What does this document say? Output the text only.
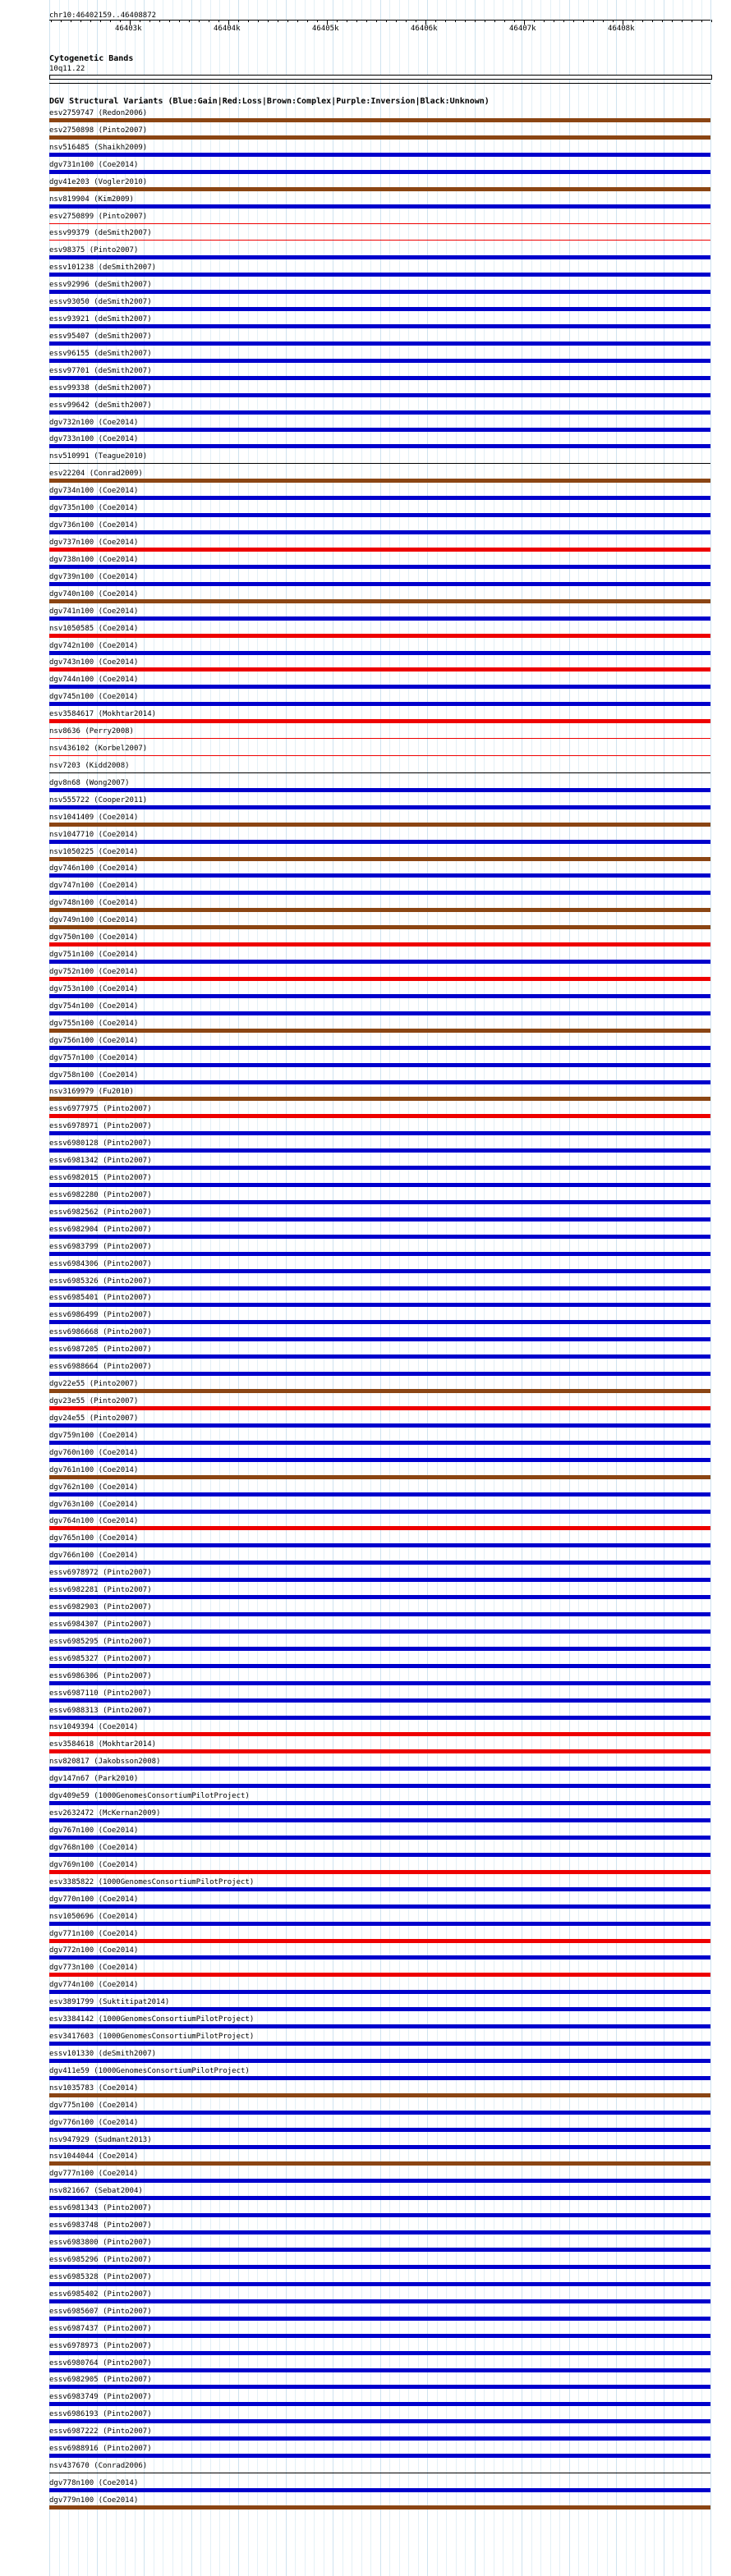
chr10:46402159..46408872
46403k	46404k	46405k	46406k	46407k	46408k
Cytogenetic Bands
10q11.22
DGV Structural Variants (Blue:Gain|Red:Loss|Brown:Complex|Purple:Inversion|Black:Unknown)
esv2759747 (Redon2006)
esv2750898 (Pinto2007)
nsv516485 (Shaikh2009)
dgv731n100 (Coe2014)
dgv41e203 (Vogler2010)
nsv819904 (Kim2009)
esv2750899 (Pinto2007)
essv99379 (deSmith2007)
esv98375 (Pinto2007)
essv101238 (deSmith2007)
essv92996 (deSmith2007)
essv93050 (deSmith2007)
essv93921 (deSmith2007)
essv95407 (deSmith2007)
essv96155 (deSmith2007)
essv97701 (deSmith2007)
essv99338 (deSmith2007)
essv99642 (deSmith2007)
dgv732n100 (Coe2014)
dgv733n100 (Coe2014)
nsv510991 (Teague2010)
esv22204 (Conrad2009)
dgv734n100 (Coe2014)
dgv735n100 (Coe2014)
dgv736n100 (Coe2014)
dgv737n100 (Coe2014)
dgv738n100 (Coe2014)
dgv739n100 (Coe2014)
dgv740n100 (Coe2014)
dgv741n100 (Coe2014)
nsv1050585 (Coe2014)
dgv742n100 (Coe2014)
dgv743n100 (Coe2014)
dgv744n100 (Coe2014)
dgv745n100 (Coe2014)
esv3584617 (Mokhtar2014)
nsv8636 (Perry2008)
nsv436102 (Korbel2007)
nsv7203 (Kidd2008)
dgv8n68 (Wong2007)
nsv555722 (Cooper2011)
nsv1041409 (Coe2014)
nsv1047710 (Coe2014)
nsv1050225 (Coe2014)
dgv746n100 (Coe2014)
dgv747n100 (Coe2014)
dgv748n100 (Coe2014)
dgv749n100 (Coe2014)
dgv750n100 (Coe2014)
dgv751n100 (Coe2014)
dgv752n100 (Coe2014)
dgv753n100 (Coe2014)
dgv754n100 (Coe2014)
dgv755n100 (Coe2014)
dgv756n100 (Coe2014)
dgv757n100 (Coe2014)
dgv758n100 (Coe2014)
nsv3169979 (Fu2010)
essv6977975 (Pinto2007)
essv6978971 (Pinto2007)
essv6980128 (Pinto2007)
essv6981342 (Pinto2007)
essv6982015 (Pinto2007)
essv6982280 (Pinto2007)
essv6982562 (Pinto2007)
essv6982904 (Pinto2007)
essv6983799 (Pinto2007)
essv6984306 (Pinto2007)
essv6985326 (Pinto2007)
essv6985401 (Pinto2007)
essv6986499 (Pinto2007)
essv6986668 (Pinto2007)
essv6987205 (Pinto2007)
essv6988664 (Pinto2007)
dgv22e55 (Pinto2007)
dgv23e55 (Pinto2007)
dgv24e55 (Pinto2007)
dgv759n100 (Coe2014)
dgv760n100 (Coe2014)
dgv761n100 (Coe2014)
dgv762n100 (Coe2014)
dgv763n100 (Coe2014)
dgv764n100 (Coe2014)
dgv765n100 (Coe2014)
dgv766n100 (Coe2014)
essv6978972 (Pinto2007)
essv6982281 (Pinto2007)
essv6982903 (Pinto2007)
essv6984307 (Pinto2007)
essv6985295 (Pinto2007)
essv6985327 (Pinto2007)
essv6986306 (Pinto2007)
essv6987110 (Pinto2007)
essv6988313 (Pinto2007)
nsv1049394 (Coe2014)
esv3584618 (Mokhtar2014)
nsv820817 (Jakobsson2008)
dgv147n67 (Park2010)
dgv409e59 (1000GenomesConsortiumPilotProject)
esv2632472 (McKernan2009)
dgv767n100 (Coe2014)
dgv768n100 (Coe2014)
dgv769n100 (Coe2014)
esv3385822 (1000GenomesConsortiumPilotProject)
dgv770n100 (Coe2014)
nsv1050696 (Coe2014)
dgv771n100 (Coe2014)
dgv772n100 (Coe2014)
dgv773n100 (Coe2014)
dgv774n100 (Coe2014)
esv3891799 (Suktitipat2014)
esv3384142 (1000GenomesConsortiumPilotProject)
esv3417603 (1000GenomesConsortiumPilotProject)
essv101330 (deSmith2007)
dgv411e59 (1000GenomesConsortiumPilotProject)
nsv1035783 (Coe2014)
dgv775n100 (Coe2014)
dgv776n100 (Coe2014)
nsv947929 (Sudmant2013)
nsv1044044 (Coe2014)
dgv777n100 (Coe2014)
nsv821667 (Sebat2004)
essv6981343 (Pinto2007)
essv6983748 (Pinto2007)
essv6983800 (Pinto2007)
essv6985296 (Pinto2007)
essv6985328 (Pinto2007)
essv6985402 (Pinto2007)
essv6985607 (Pinto2007)
essv6987437 (Pinto2007)
essv6978973 (Pinto2007)
essv6980764 (Pinto2007)
essv6982905 (Pinto2007)
essv6983749 (Pinto2007)
essv6986193 (Pinto2007)
essv6987222 (Pinto2007)
essv6988916 (Pinto2007)
nsv437670 (Conrad2006)
dgv778n100 (Coe2014)
dgv779n100 (Coe2014)
